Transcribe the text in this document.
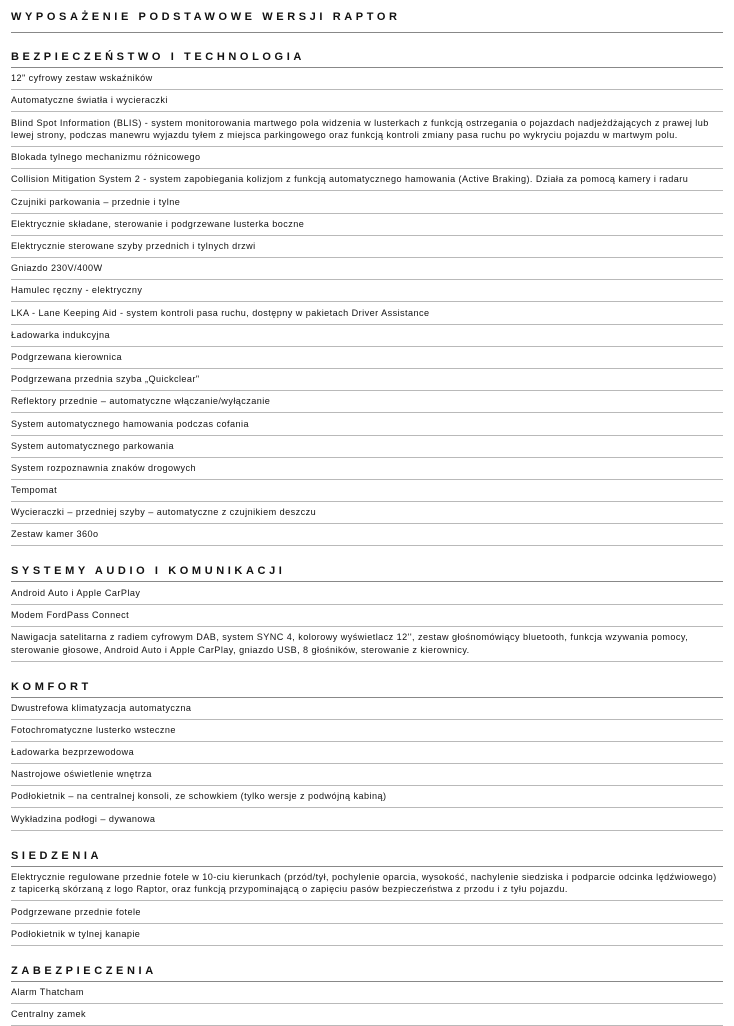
WYPOSAŻENIE PODSTAWOWE WERSJI RAPTOR
BEZPIECZEŃSTWO I TECHNOLOGIA
12" cyfrowy zestaw wskaźników
Automatyczne światła i wycieraczki
Blind Spot Information (BLIS) - system monitorowania martwego pola widzenia w lusterkach z funkcją ostrzegania o pojazdach nadjeżdżających z prawej lub lewej strony, podczas manewru wyjazdu tyłem z miejsca parkingowego oraz funkcją kontroli zmiany pasa ruchu po wykryciu pojazdu w martwym polu.
Blokada tylnego mechanizmu różnicowego
Collision Mitigation System 2 - system zapobiegania kolizjom z funkcją automatycznego hamowania (Active Braking). Działa za pomocą kamery i radaru
Czujniki parkowania – przednie i tylne
Elektrycznie składane, sterowanie i podgrzewane lusterka boczne
Elektrycznie sterowane szyby przednich i tylnych drzwi
Gniazdo 230V/400W
Hamulec ręczny - elektryczny
LKA - Lane Keeping Aid - system kontroli pasa ruchu, dostępny w pakietach Driver Assistance
Ładowarka indukcyjna
Podgrzewana kierownica
Podgrzewana przednia szyba „Quickclear"
Reflektory przednie – automatyczne włączanie/wyłączanie
System automatycznego hamowania podczas cofania
System automatycznego parkowania
System rozpoznawnia znaków drogowych
Tempomat
Wycieraczki – przedniej szyby – automatyczne z czujnikiem deszczu
Zestaw kamer 360o
SYSTEMY AUDIO I KOMUNIKACJI
Android Auto i Apple CarPlay
Modem FordPass Connect
Nawigacja satelitarna z radiem cyfrowym DAB, system SYNC 4, kolorowy wyświetlacz 12'', zestaw głośnomówiący bluetooth, funkcja wzywania pomocy, sterowanie głosowe, Android Auto i Apple CarPlay, gniazdo USB, 8 głośników, sterowanie z kierownicy.
KOMFORT
Dwustrefowa klimatyzacja automatyczna
Fotochromatyczne lusterko wsteczne
Ładowarka bezprzewodowa
Nastrojowe oświetlenie wnętrza
Podłokietnik – na centralnej konsoli, ze schowkiem (tylko wersje z podwójną kabiną)
Wykładzina podłogi – dywanowa
SIEDZENIA
Elektrycznie regulowane przednie fotele w 10-ciu kierunkach (przód/tył, pochylenie oparcia, wysokość, nachylenie siedziska i podparcie odcinka lędźwiowego) z tapicerką skórzaną z logo Raptor, oraz funkcją przypominającą o zapięciu pasów bezpieczeństwa z przodu i z tyłu pojazdu.
Podgrzewane przednie fotele
Podłokietnik w tylnej kanapie
ZABEZPIECZENIA
Alarm Thatcham
Centralny zamek
